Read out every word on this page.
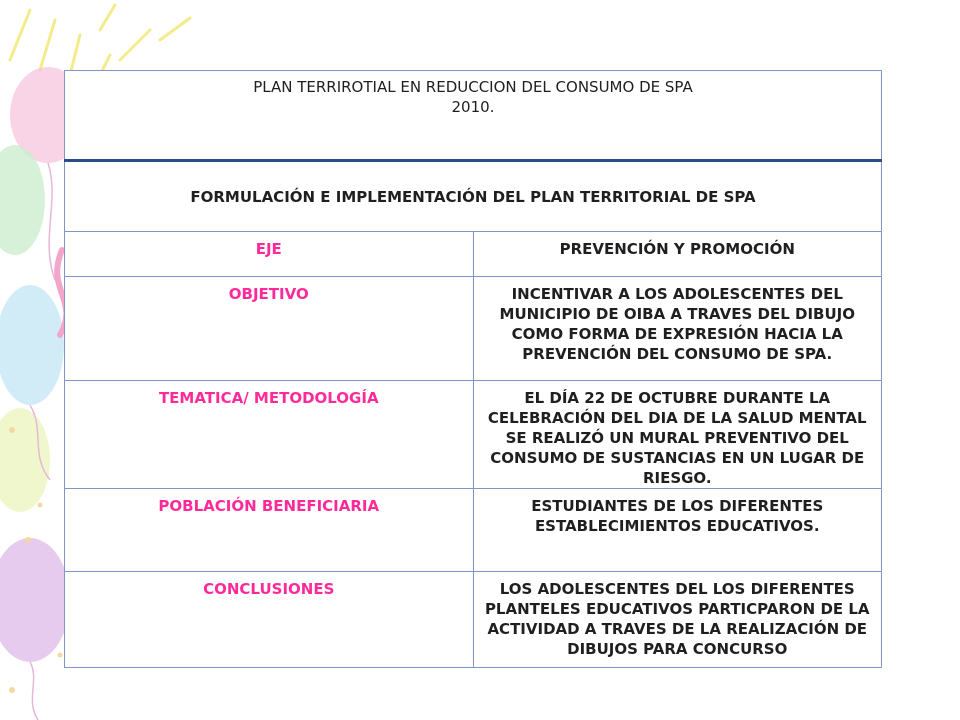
PLAN TERRIROTIAL EN REDUCCION DEL CONSUMO DE SPA
2010.	

FORMULACIÓN E IMPLEMENTACIÓN DEL PLAN TERRITORIAL DE SPA	
EJE	PREVENCIÓN Y PROMOCIÓN
OBJETIVO	INCENTIVAR A LOS ADOLESCENTES DEL MUNICIPIO DE OIBA A TRAVES DEL DIBUJO COMO FORMA DE EXPRESIÓN HACIA LA PREVENCIÓN DEL CONSUMO DE SPA.
TEMATICA/ METODOLOGÍA	EL DÍA 22 DE OCTUBRE DURANTE LA CELEBRACIÓN DEL DIA DE LA SALUD MENTAL SE REALIZÓ UN MURAL PREVENTIVO DEL CONSUMO DE SUSTANCIAS EN UN LUGAR DE RIESGO.
POBLACIÓN BENEFICIARIA	ESTUDIANTES DE LOS DIFERENTES ESTABLECIMIENTOS EDUCATIVOS.
CONCLUSIONES	LOS ADOLESCENTES DEL LOS DIFERENTES PLANTELES EDUCATIVOS PARTICPARON DE LA ACTIVIDAD A TRAVES DE LA REALIZACIÓN DE DIBUJOS PARA CONCURSO
